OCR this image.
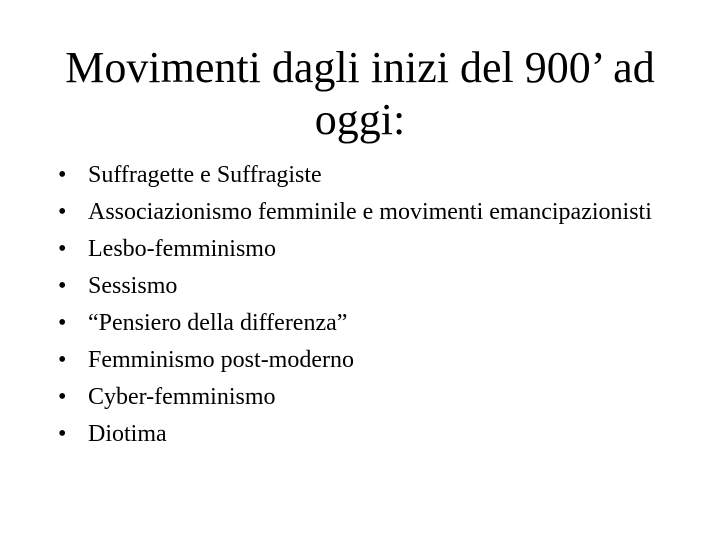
Movimenti dagli inizi del 900’ ad
oggi:
• Suffragette e Suffragiste
• Associazionismo femminile e movimenti emancipazionisti
• Lesbo-femminismo
• Sessismo
• “Pensiero della differenza”
• Femminismo post-moderno
• Cyber-femminismo
• Diotima
